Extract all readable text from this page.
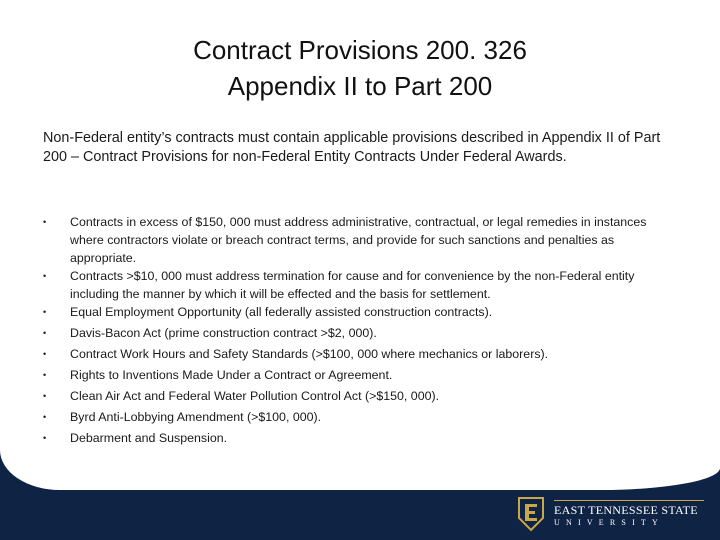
Contract Provisions 200. 326
Appendix II to Part 200

Non-Federal entity’s contracts must contain applicable provisions described in Appendix II of Part 200 – Contract Provisions for non-Federal Entity Contracts Under Federal Awards.

• Contracts in excess of $150, 000 must address administrative, contractual, or legal remedies in instances where contractors violate or breach contract terms, and provide for such sanctions and penalties as appropriate.
• Contracts >$10, 000 must address termination for cause and for convenience by the non-Federal entity including the manner by which it will be effected and the basis for settlement.
• Equal Employment Opportunity (all federally assisted construction contracts).
• Davis-Bacon Act (prime construction contract >$2, 000).
• Contract Work Hours and Safety Standards (>$100, 000 where mechanics or laborers).
• Rights to Inventions Made Under a Contract or Agreement.
• Clean Air Act and Federal Water Pollution Control Act (>$150, 000).
• Byrd Anti-Lobbying Amendment (>$100, 000).
• Debarment and Suspension.
EAST TENNESSEE STATE
UNIVERSITY
